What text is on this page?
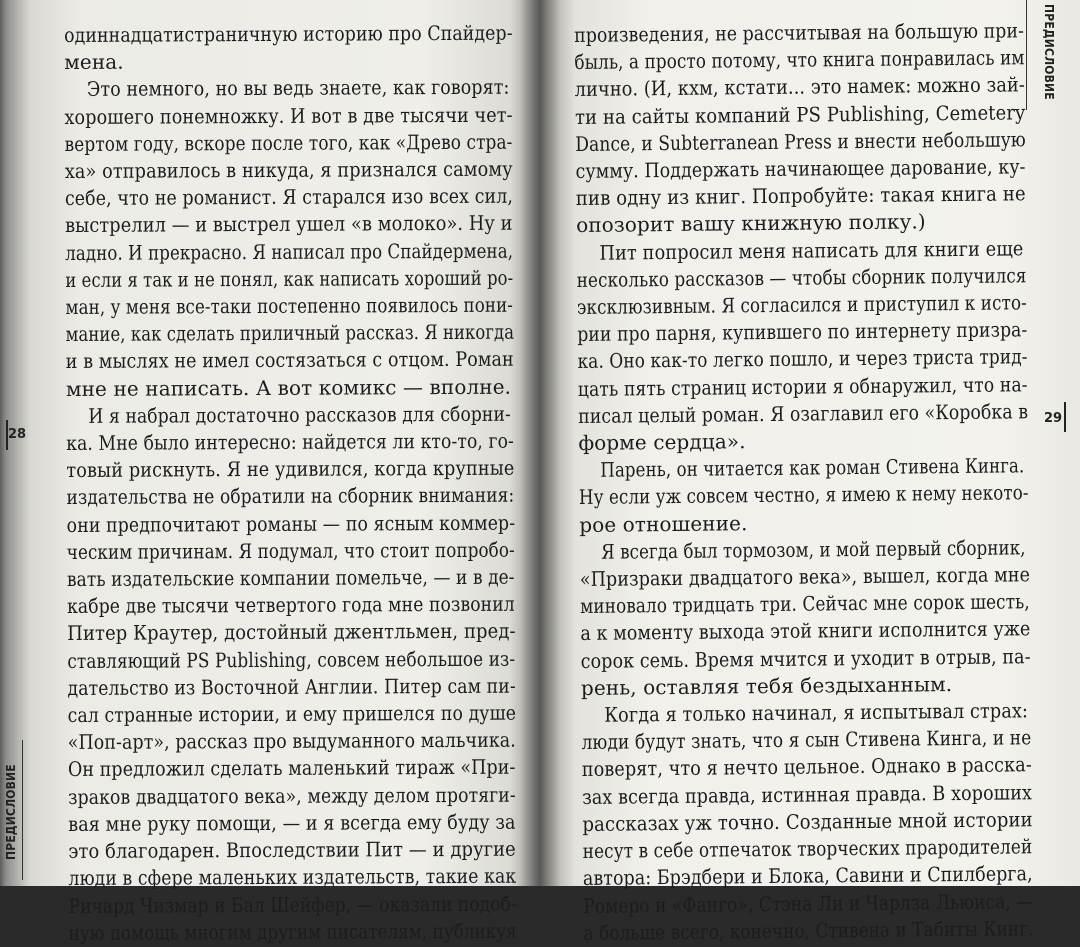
одиннадцатистраничную историю про Спайдер-
мена.
Это немного, но вы ведь знаете, как говорят:
хорошего понемножку. И вот в две тысячи чет-
вертом году, вскоре после того, как «Древо стра-
ха» отправилось в никуда, я признался самому
себе, что не романист. Я старался изо всех сил,
выстрелил — и выстрел ушел «в молоко». Ну и
ладно. И прекрасно. Я написал про Спайдермена,
и если я так и не понял, как написать хороший ро-
ман, у меня все-таки постепенно появилось пони-
мание, как сделать приличный рассказ. Я никогда
и в мыслях не имел состязаться с отцом. Роман
мне не написать. А вот комикс — вполне.
И я набрал достаточно рассказов для сборни-
ка. Мне было интересно: найдется ли кто-то, го-
товый рискнуть. Я не удивился, когда крупные
издательства не обратили на сборник внимания:
они предпочитают романы — по ясным коммер-
ческим причинам. Я подумал, что стоит попробо-
вать издательские компании помельче, — и в де-
кабре две тысячи четвертого года мне позвонил
Питер Краутер, достойный джентльмен, пред-
ставляющий PS Publishing, совсем небольшое из-
дательство из Восточной Англии. Питер сам пи-
сал странные истории, и ему пришелся по душе
«Поп-арт», рассказ про выдуманного мальчика.
Он предложил сделать маленький тираж «При-
зраков двадцатого века», между делом протяги-
вая мне руку помощи, — и я всегда ему буду за
это благодарен. Впоследствии Пит — и другие
люди в сфере маленьких издательств, такие как
Ричард Чизмар и Бал Шейфер, — оказали подоб-
ную помощь многим другим писателям, публикуя
произведения, не рассчитывая на большую при-
быль, а просто потому, что книга понравилась им
лично. (И, кхм, кстати... это намек: можно зай-
ти на сайты компаний PS Publishing, Cemetery
Dance, и Subterranean Press и внести небольшую
сумму. Поддержать начинающее дарование, ку-
пив одну из книг. Попробуйте: такая книга не
опозорит вашу книжную полку.)
Пит попросил меня написать для книги еще
несколько рассказов — чтобы сборник получился
эксклюзивным. Я согласился и приступил к исто-
рии про парня, купившего по интернету призра-
ка. Оно как-то легко пошло, и через триста трид-
цать пять страниц истории я обнаружил, что на-
писал целый роман. Я озаглавил его «Коробка в
форме сердца».
Парень, он читается как роман Стивена Кинга.
Ну если уж совсем честно, я имею к нему некото-
рое отношение.
Я всегда был тормозом, и мой первый сборник,
«Призраки двадцатого века», вышел, когда мне
миновало тридцать три. Сейчас мне сорок шесть,
а к моменту выхода этой книги исполнится уже
сорок семь. Время мчится и уходит в отрыв, па-
рень, оставляя тебя бездыханным.
Когда я только начинал, я испытывал страх:
люди будут знать, что я сын Стивена Кинга, и не
поверят, что я нечто цельное. Однако в расска-
зах всегда правда, истинная правда. В хороших
рассказах уж точно. Созданные мной истории
несут в себе отпечаток творческих прародителей
автора: Брэдбери и Блока, Савини и Спилберга,
Ромеро и «Фанго», Стэна Ли и Чарлза Льюиса, —
а больше всего, конечно, Стивена и Табиты Кинг.
28
29
ПРЕДИСЛОВИЕ
ПРЕДИСЛОВИЕ
